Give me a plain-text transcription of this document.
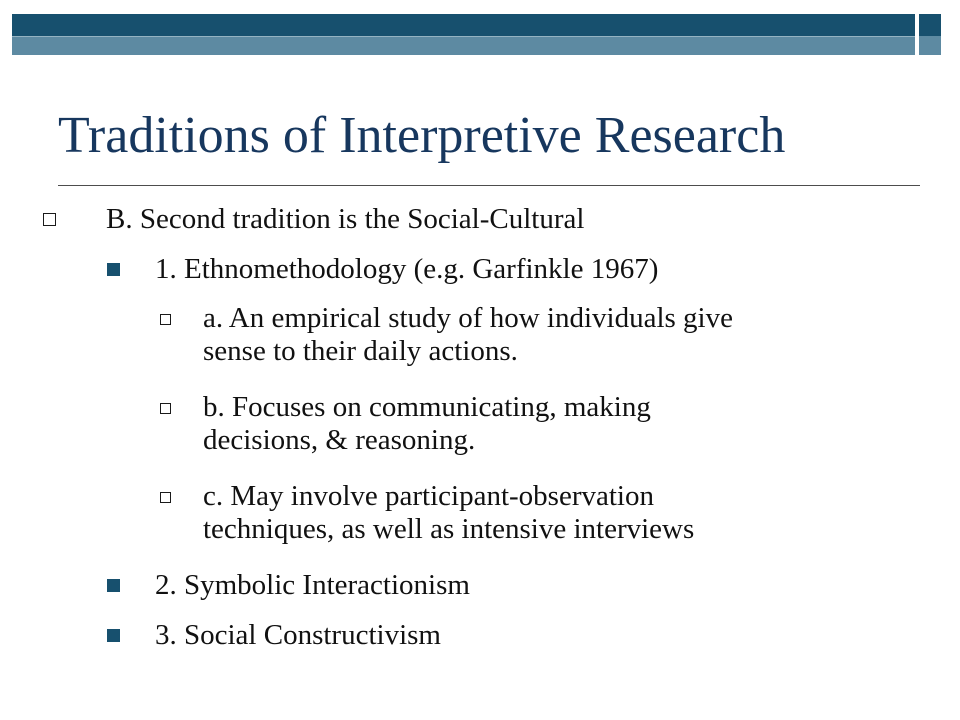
Traditions of Interpretive Research
B. Second tradition is the Social-Cultural
1. Ethnomethodology (e.g. Garfinkle 1967)
a. An empirical study of how individuals give
sense to their daily actions.
b. Focuses on communicating, making
decisions, & reasoning.
c. May involve participant-observation
techniques, as well as intensive interviews
2. Symbolic Interactionism
3. Social Constructivism
